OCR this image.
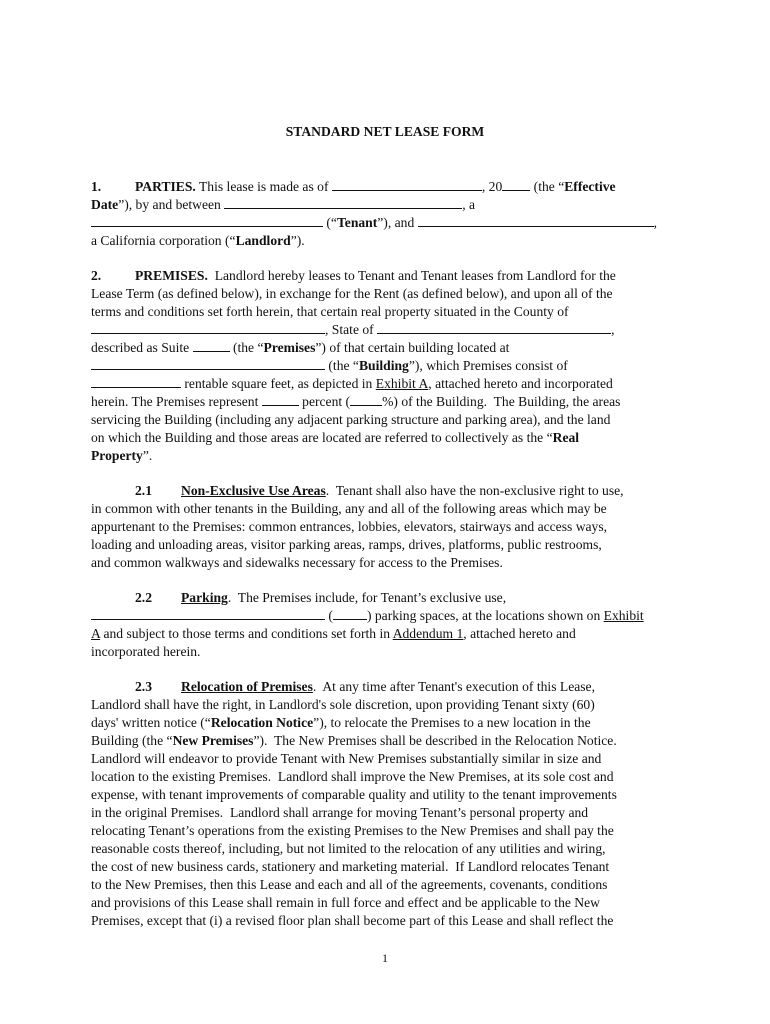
STANDARD NET LEASE FORM
1. PARTIES. This lease is made as of	, 20 (the “Effective
Date”), by and between	, a
(“Tenant”), and	,
a California corporation (“Landlord”).
2. PREMISES.  Landlord hereby leases to Tenant and Tenant leases from Landlord for the
Lease Term (as defined below), in exchange for the Rent (as defined below), and upon all of the
terms and conditions set forth herein, that certain real property situated in the County of
, State of	,
described as Suite	(the “Premises”) of that certain building located at
(the “Building”), which Premises consist of
rentable square feet, as depicted in Exhibit A, attached hereto and incorporated
herein. The Premises represent	percent ( %) of the Building.  The Building, the areas
servicing the Building (including any adjacent parking structure and parking area), and the land
on which the Building and those areas are located are referred to collectively as the “Real
Property”.
2.1 Non-Exclusive Use Areas.  Tenant shall also have the non-exclusive right to use,
in common with other tenants in the Building, any and all of the following areas which may be
appurtenant to the Premises: common entrances, lobbies, elevators, stairways and access ways,
loading and unloading areas, visitor parking areas, ramps, drives, platforms, public restrooms,
and common walkways and sidewalks necessary for access to the Premises.
2.2 Parking.  The Premises include, for Tenant’s exclusive use,
(	) parking spaces, at the locations shown on Exhibit
A and subject to those terms and conditions set forth in Addendum 1, attached hereto and
incorporated herein.
2.3 Relocation of Premises.  At any time after Tenant's execution of this Lease,
Landlord shall have the right, in Landlord's sole discretion, upon providing Tenant sixty (60)
days' written notice (“Relocation Notice”), to relocate the Premises to a new location in the
Building (the “New Premises”).  The New Premises shall be described in the Relocation Notice.
Landlord will endeavor to provide Tenant with New Premises substantially similar in size and
location to the existing Premises.  Landlord shall improve the New Premises, at its sole cost and
expense, with tenant improvements of comparable quality and utility to the tenant improvements
in the original Premises.  Landlord shall arrange for moving Tenant’s personal property and
relocating Tenant’s operations from the existing Premises to the New Premises and shall pay the
reasonable costs thereof, including, but not limited to the relocation of any utilities and wiring,
the cost of new business cards, stationery and marketing material.  If Landlord relocates Tenant
to the New Premises, then this Lease and each and all of the agreements, covenants, conditions
and provisions of this Lease shall remain in full force and effect and be applicable to the New
Premises, except that (i) a revised floor plan shall become part of this Lease and shall reflect the
1
